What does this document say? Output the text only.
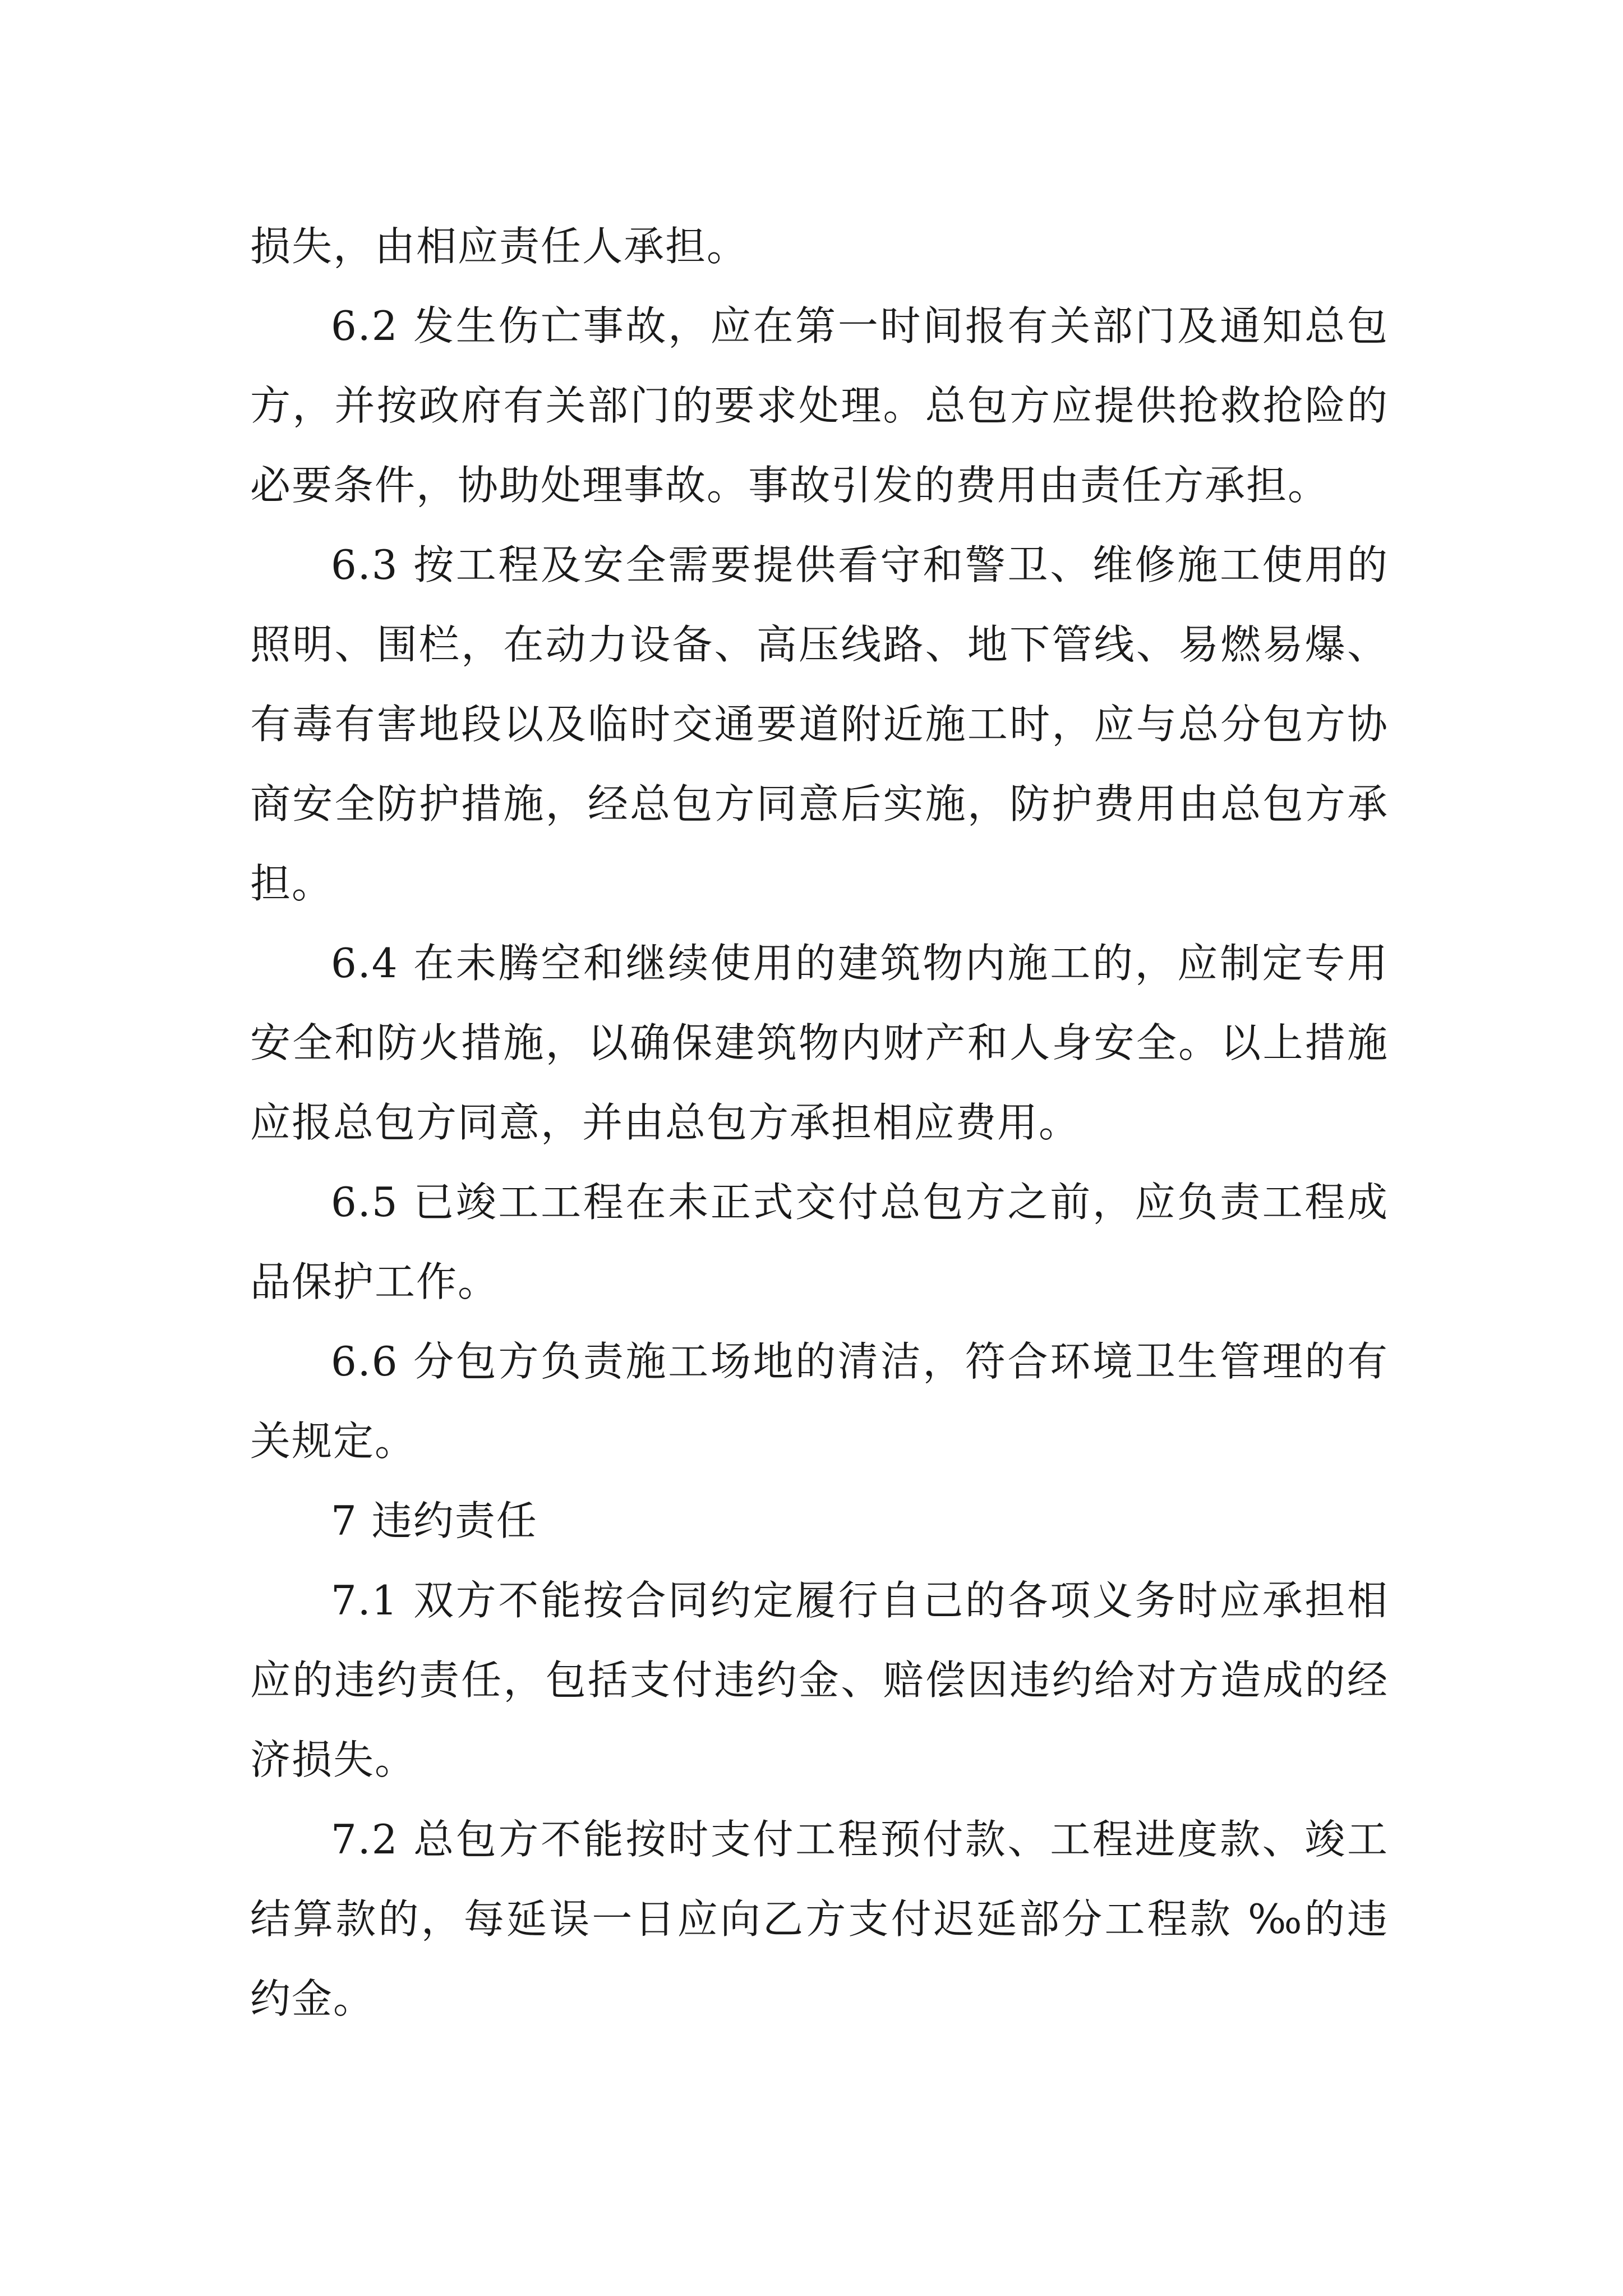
损失，由相应责任人承担。

6.2 发生伤亡事故，应在第一时间报有关部门及通知总包方，并按政府有关部门的要求处理。总包方应提供抢救抢险的必要条件，协助处理事故。事故引发的费用由责任方承担。

6.3 按工程及安全需要提供看守和警卫、维修施工使用的照明、围栏，在动力设备、高压线路、地下管线、易燃易爆、有毒有害地段以及临时交通要道附近施工时，应与总分包方协商安全防护措施，经总包方同意后实施，防护费用由总包方承担。

6.4 在未腾空和继续使用的建筑物内施工的，应制定专用安全和防火措施，以确保建筑物内财产和人身安全。以上措施应报总包方同意，并由总包方承担相应费用。

6.5 已竣工工程在未正式交付总包方之前，应负责工程成品保护工作。

6.6 分包方负责施工场地的清洁，符合环境卫生管理的有关规定。

7 违约责任

7.1 双方不能按合同约定履行自己的各项义务时应承担相应的违约责任，包括支付违约金、赔偿因违约给对方造成的经济损失。

7.2 总包方不能按时支付工程预付款、工程进度款、竣工结算款的，每延误一日应向乙方支付迟延部分工程款 ‰的违约金。
